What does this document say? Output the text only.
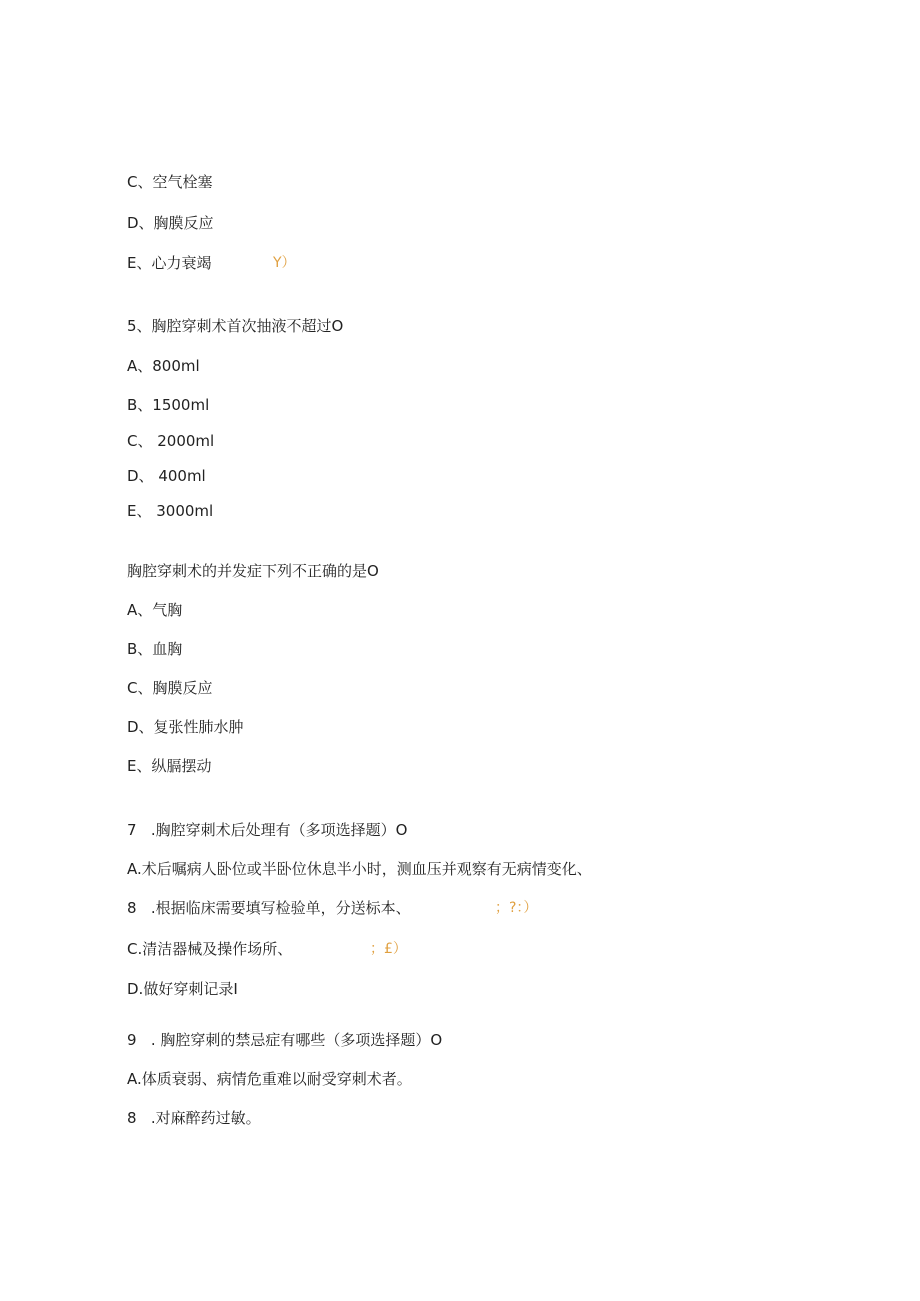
C、空气栓塞
D、胸膜反应
E、心力衰竭	Y）
5、胸腔穿刺术首次抽液不超过O
A、800ml
B、1500ml
C、 2000ml
D、 400ml
E、 3000ml
胸腔穿刺术的并发症下列不正确的是O
A、气胸
B、血胸
C、胸膜反应
D、复张性肺水肿
E、纵膈摆动
7   .胸腔穿刺术后处理有（多项选择题）O
A.术后嘱病人卧位或半卧位休息半小时，测血压并观察有无病情变化、
8   .根据临床需要填写检验单，分送标本、	；?：）
C.清洁器械及操作场所、	；£）
D.做好穿刺记录I
9   . 胸腔穿刺的禁忌症有哪些（多项选择题）O
A.体质衰弱、病情危重难以耐受穿刺术者。
8   .对麻醉药过敏。
